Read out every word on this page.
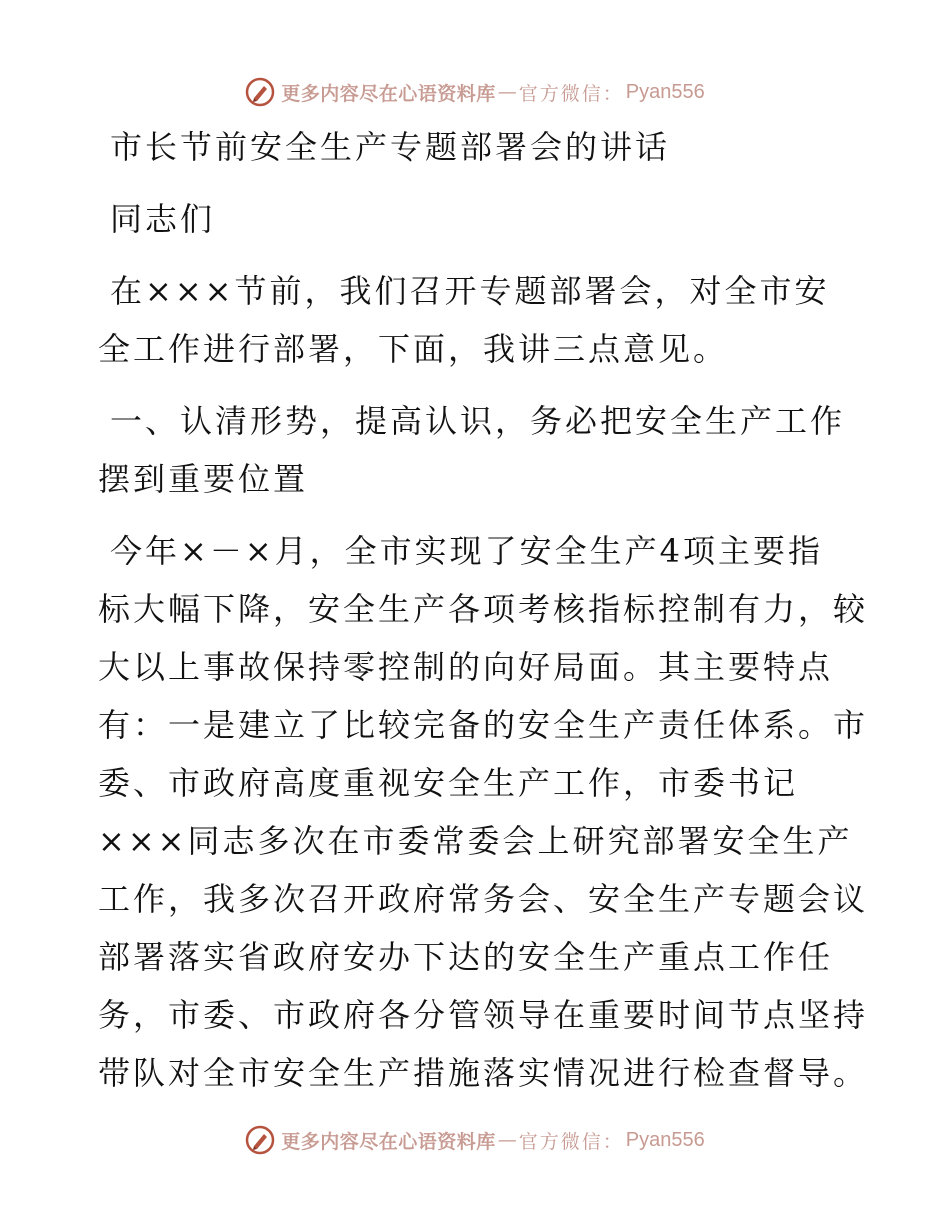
更多内容尽在心语资料库 — 官方微信： Pyan556
市长节前安全生产专题部署会的讲话
同志们
在×××节前，我们召开专题部署会，对全市安
全工作进行部署，下面，我讲三点意见。
一、认清形势，提高认识，务必把安全生产工作
摆到重要位置
今年×－×月，全市实现了安全生产4项主要指
标大幅下降，安全生产各项考核指标控制有力，较
大以上事故保持零控制的向好局面。其主要特点
有：一是建立了比较完备的安全生产责任体系。市
委、市政府高度重视安全生产工作，市委书记
×××同志多次在市委常委会上研究部署安全生产
工作，我多次召开政府常务会、安全生产专题会议
部署落实省政府安办下达的安全生产重点工作任
务，市委、市政府各分管领导在重要时间节点坚持
带队对全市安全生产措施落实情况进行检查督导。
更多内容尽在心语资料库 — 官方微信： Pyan556
